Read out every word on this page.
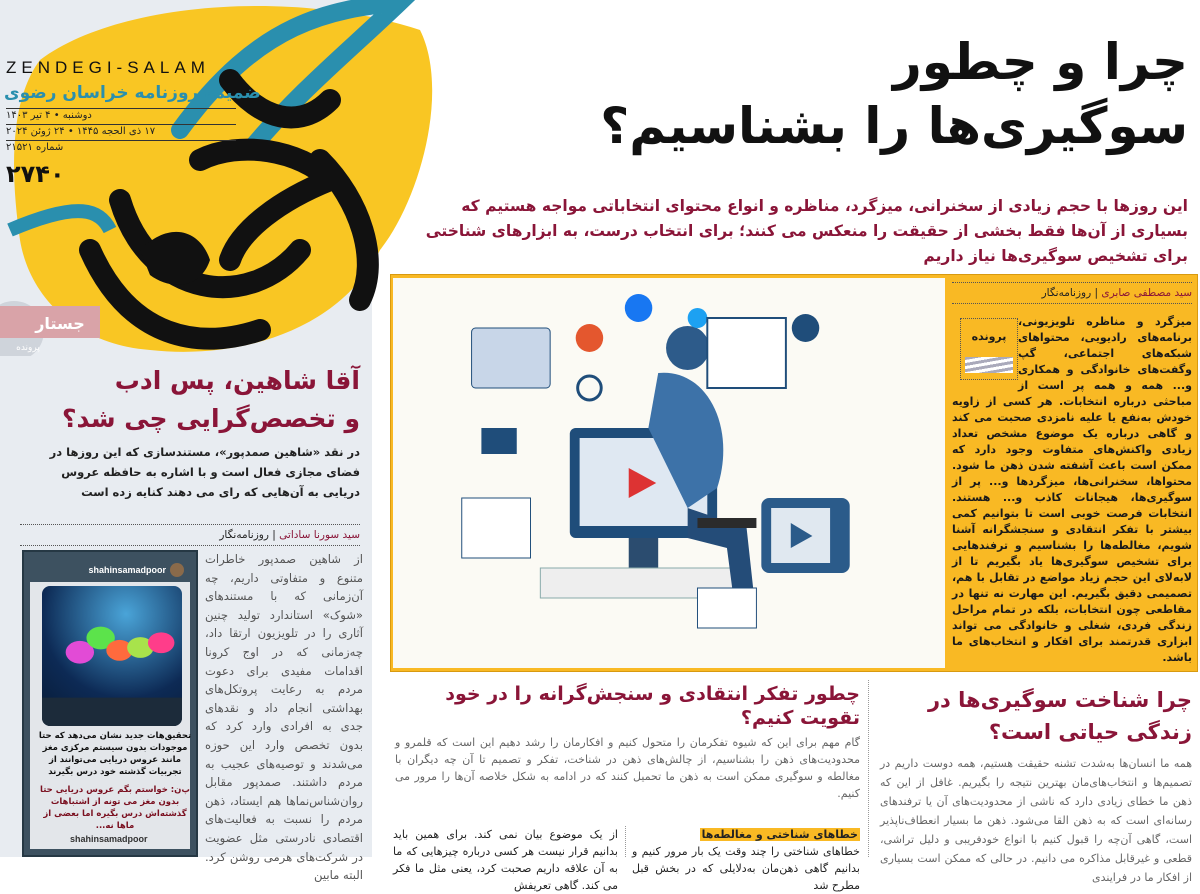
ZENDEGI-SALAM
ضمیمه روزنامه خراسان رضوی
دوشنبه • ۴ تیر ۱۴۰۳
۱۷ ذی الحجه ۱۴۴۵ • ۲۴ ژوئن ۲۰۲۴
شماره ۲۱۵۲۱
۲۷۴۰
چرا و چطور
سوگیری‌ها را بشناسیم؟
این روزها با حجم زیادی از سخنرانی، میزگرد، مناظره و انواع محتوای انتخاباتی مواجه هستیم که بسیاری از آن‌ها فقط بخشی از حقیقت را منعکس می کنند؛ برای انتخاب درست، به ابزارهای شناختی برای تشخیص سوگیری‌ها نیاز داریم
سید مصطفی صابری | روزنامه‌نگار
پرونده
میزگرد و مناظره تلویزیونی، برنامه‌های رادیویی، محتواهای شبکه‌های اجتماعی، گپ وگفت‌های خانوادگی و همکاری و... همه و همه پر است از مباحثی درباره انتخابات. هر کسی از زاویه خودش به‌نفع یا علیه نامزدی صحبت می کند و گاهی درباره یک موضوع مشخص تعداد زیادی واکنش‌های متفاوت وجود دارد که ممکن است باعث آشفته شدن ذهن ما شود. محتواها، سخنرانی‌ها، میزگردها و... پر از سوگیری‌ها، هیجانات کاذب و... هستند. انتخابات فرصت خوبی است تا بتوانیم کمی بیشتر با تفکر انتقادی و سنجشگرانه آشنا شویم، مغالطه‌ها را بشناسیم و ترفندهایی برای تشخیص سوگیری‌ها یاد بگیریم تا از لابه‌لای این حجم زیاد مواضع در تقابل با هم، تصمیمی دقیق بگیریم. این مهارت نه تنها در مقاطعی چون انتخابات، بلکه در تمام مراحل زندگی فردی، شغلی و خانوادگی می تواند ابزاری قدرتمند برای افکار و انتخاب‌های ما باشد.
جستار
پرونده
آقا شاهین، پس ادب
و تخصص‌گرایی چی شد؟
در نقد «شاهین صمدپور»، مستندسازی که این روزها در فضای مجازی فعال است و با اشاره به حافظه عروس دریایی به آن‌هایی که رای می دهند کنایه زده است
سید سورنا ساداتی | روزنامه‌نگار
از شاهین صمدپور خاطرات متنوع و متفاوتی داریم، چه آن‌زمانی که با مستندهای «شوک» استاندارد تولید چنین آثاری را در تلویزیون ارتقا داد، چه‌زمانی که در اوج کرونا اقدامات مفیدی برای دعوت مردم به رعایت پروتکل‌های بهداشتی انجام داد و نقدهای جدی به افرادی وارد کرد که بدون تخصص وارد این حوزه می‌شدند و توصیه‌های عجیب به مردم داشتند. صمدپور مقابل روان‌شناس‌نماها هم ایستاد، ذهن مردم را نسبت به فعالیت‌های اقتصادی نادرستی مثل عضویت در شرکت‌های هرمی روشن کرد. البته مابین
shahinsamadpoor
تحقیق‌هات جدید نشان می‌دهد که حتا موجودات بدون سیستم مرکزی مغز مانند عروس دریایی می‌توانند از تجربیات گذشته خود درس بگیرند
پ‌ن: خواستم بگم عروس دریایی حتا بدون مغز می تونه از اشتباهات گذشته‌اش درس بگیره اما بعضی از ماها نه...
shahinsamadpoor
چطور تفکر انتقادی و سنجش‌گرانه را در خود تقویت کنیم؟
گام مهم برای این که شیوه تفکرمان را متحول کنیم و افکارمان را رشد دهیم این است که قلمرو و محدودیت‌های ذهن را بشناسیم، از چالش‌های ذهن در شناخت، تفکر و تصمیم تا آن چه دیگران با مغالطه و سوگیری ممکن است به ذهن ما تحمیل کنند که در ادامه به شکل خلاصه آن‌ها را مرور می کنیم.
خطاهای شناختی و مغالطه‌ها
خطاهای شناختی را چند وقت یک بار مرور کنیم و بدانیم گاهی ذهن‌مان به‌دلایلی که در بخش قبل مطرح شد
از یک موضوع بیان نمی کند. برای همین باید بدانیم قرار نیست هر کسی درباره چیزهایی که ما به آن علاقه داریم صحبت کرد، یعنی مثل ما فکر می کند. گاهی تعریفش
چرا شناخت سوگیری‌ها در زندگی حیاتی است؟
همه ما انسان‌ها به‌شدت تشنه حقیقت هستیم، همه دوست داریم در تصمیم‌ها و انتخاب‌های‌مان بهترین نتیجه را بگیریم. غافل از این که ذهن ما خطای زیادی دارد که ناشی از محدودیت‌های آن یا ترفندهای رسانه‌ای است که به ذهن القا می‌شود. ذهن ما بسیار انعطاف‌ناپذیر است، گاهی آن‌چه را قبول کنیم با انواع خودفریبی و دلیل تراشی، قطعی و غیرقابل مذاکره می دانیم. در حالی که ممکن است بسیاری از افکار ما در فرایندی
